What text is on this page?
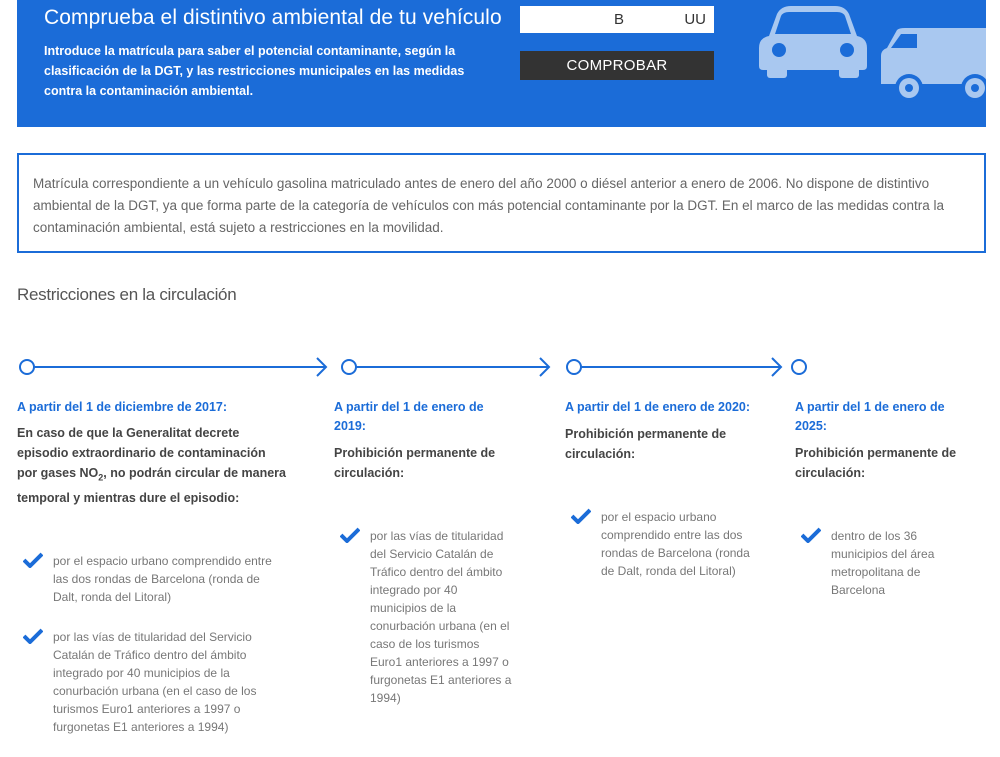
Comprueba el distintivo ambiental de tu vehículo

Introduce la matrícula para saber el potencial contaminante, según la clasificación de la DGT, y las restricciones municipales en las medidas contra la contaminación ambiental.

B UU
COMPROBAR

Matrícula correspondiente a un vehículo gasolina matriculado antes de enero del año 2000 o diésel anterior a enero de 2006. No dispone de distintivo ambiental de la DGT, ya que forma parte de la categoría de vehículos con más potencial contaminante por la DGT. En el marco de las medidas contra la contaminación ambiental, está sujeto a restricciones en la movilidad.

Restricciones en la circulación
A partir del 1 de diciembre de 2017:
En caso de que la Generalitat decrete episodio extraordinario de contaminación por gases $NO_2$, no podrán circular de manera temporal y mientras dure el episodio:
por el espacio urbano comprendido entre las dos rondas de Barcelona (ronda de Dalt, ronda del Litoral)
por las vías de titularidad del Servicio Catalán de Tráfico dentro del ámbito integrado por 40 municipios de la conurbación urbana (en el caso de los turismos Euro1 anteriores a 1997 o furgonetas E1 anteriores a 1994)
A partir del 1 de enero de 2019:
Prohibición permanente de circulación:
por las vías de titularidad del Servicio Catalán de Tráfico dentro del ámbito integrado por 40 municipios de la conurbación urbana (en el caso de los turismos Euro1 anteriores a 1997 o furgonetas E1 anteriores a 1994)
A partir del 1 de enero de 2020:
Prohibición permanente de circulación:
por el espacio urbano comprendido entre las dos rondas de Barcelona (ronda de Dalt, ronda del Litoral)
A partir del 1 de enero de 2025:
Prohibición permanente de circulación:
dentro de los 36 municipios del área metropolitana de Barcelona
